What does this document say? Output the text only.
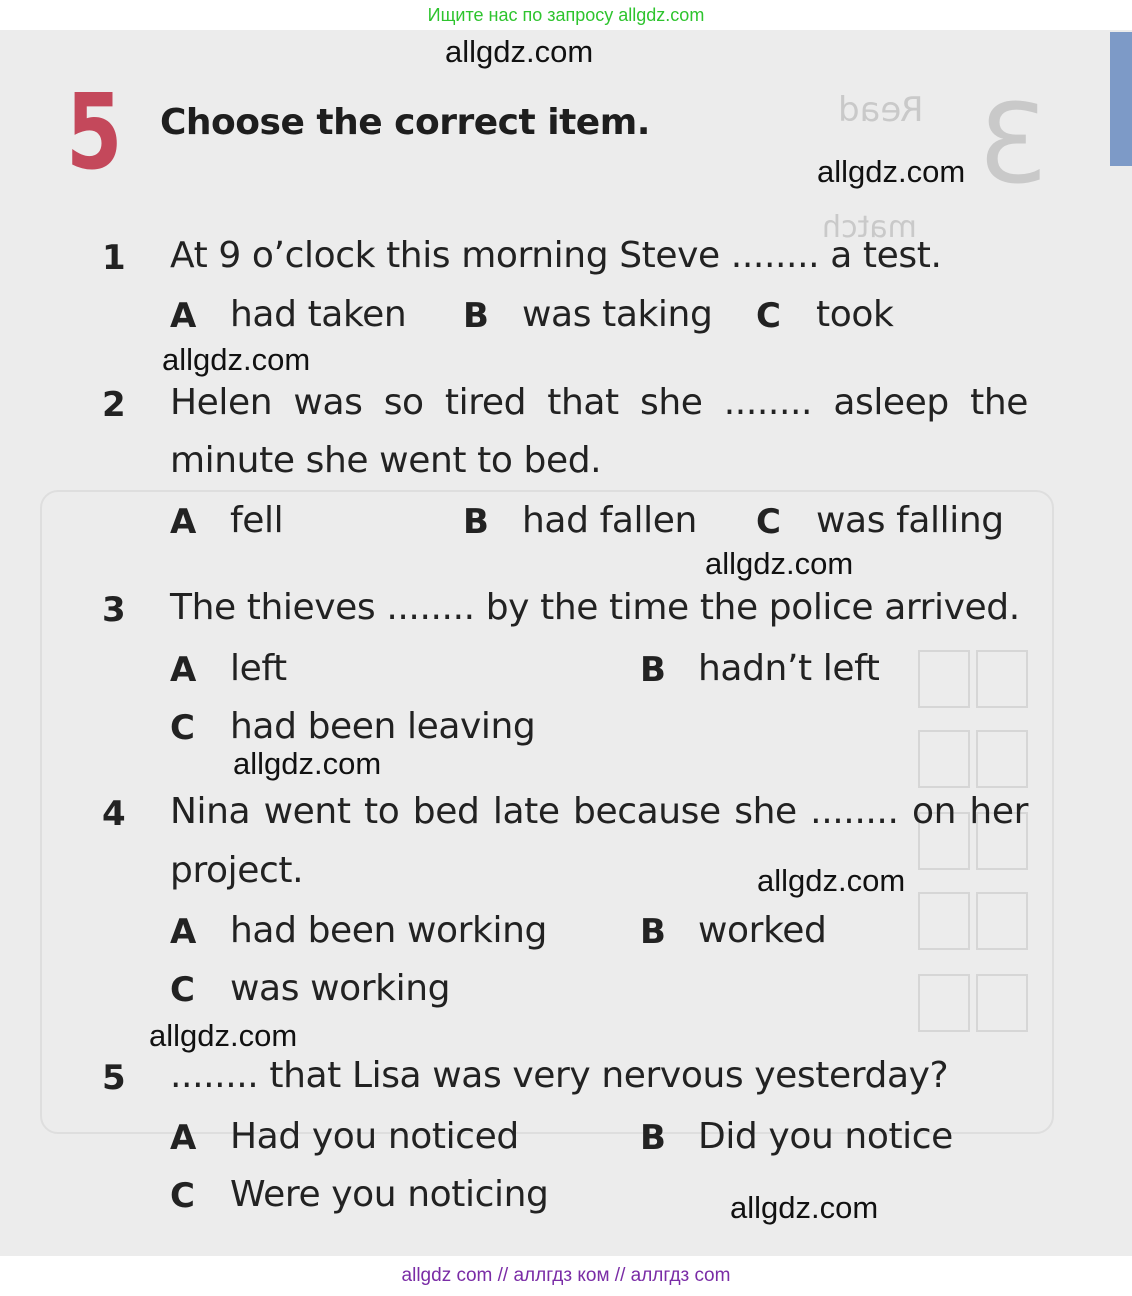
Ищите нас по запросу allgdz.com
Read 3
match
5 Choose the correct item.
1 At 9 o’clock this morning Steve ........ a test.
A had taken B was taking C took
2 Helen was so tired that she ........ asleep the
minute she went to bed.
A fell	B had fallen C was falling
3 The thieves ........ by the time the police arrived.
A left	B hadn’t left
C had been leaving
4 Nina went to bed late because she ........ on her
project.
A had been working	B worked
C was working
5 ........ that Lisa was very nervous yesterday?
A Had you noticed	B Did you notice
C Were you noticing
allgdz.com
allgdz.com
allgdz.com
allgdz.com
allgdz.com
allgdz.com
allgdz.com
allgdz.com
allgdz com // аллгдз ком // аллгдз com
